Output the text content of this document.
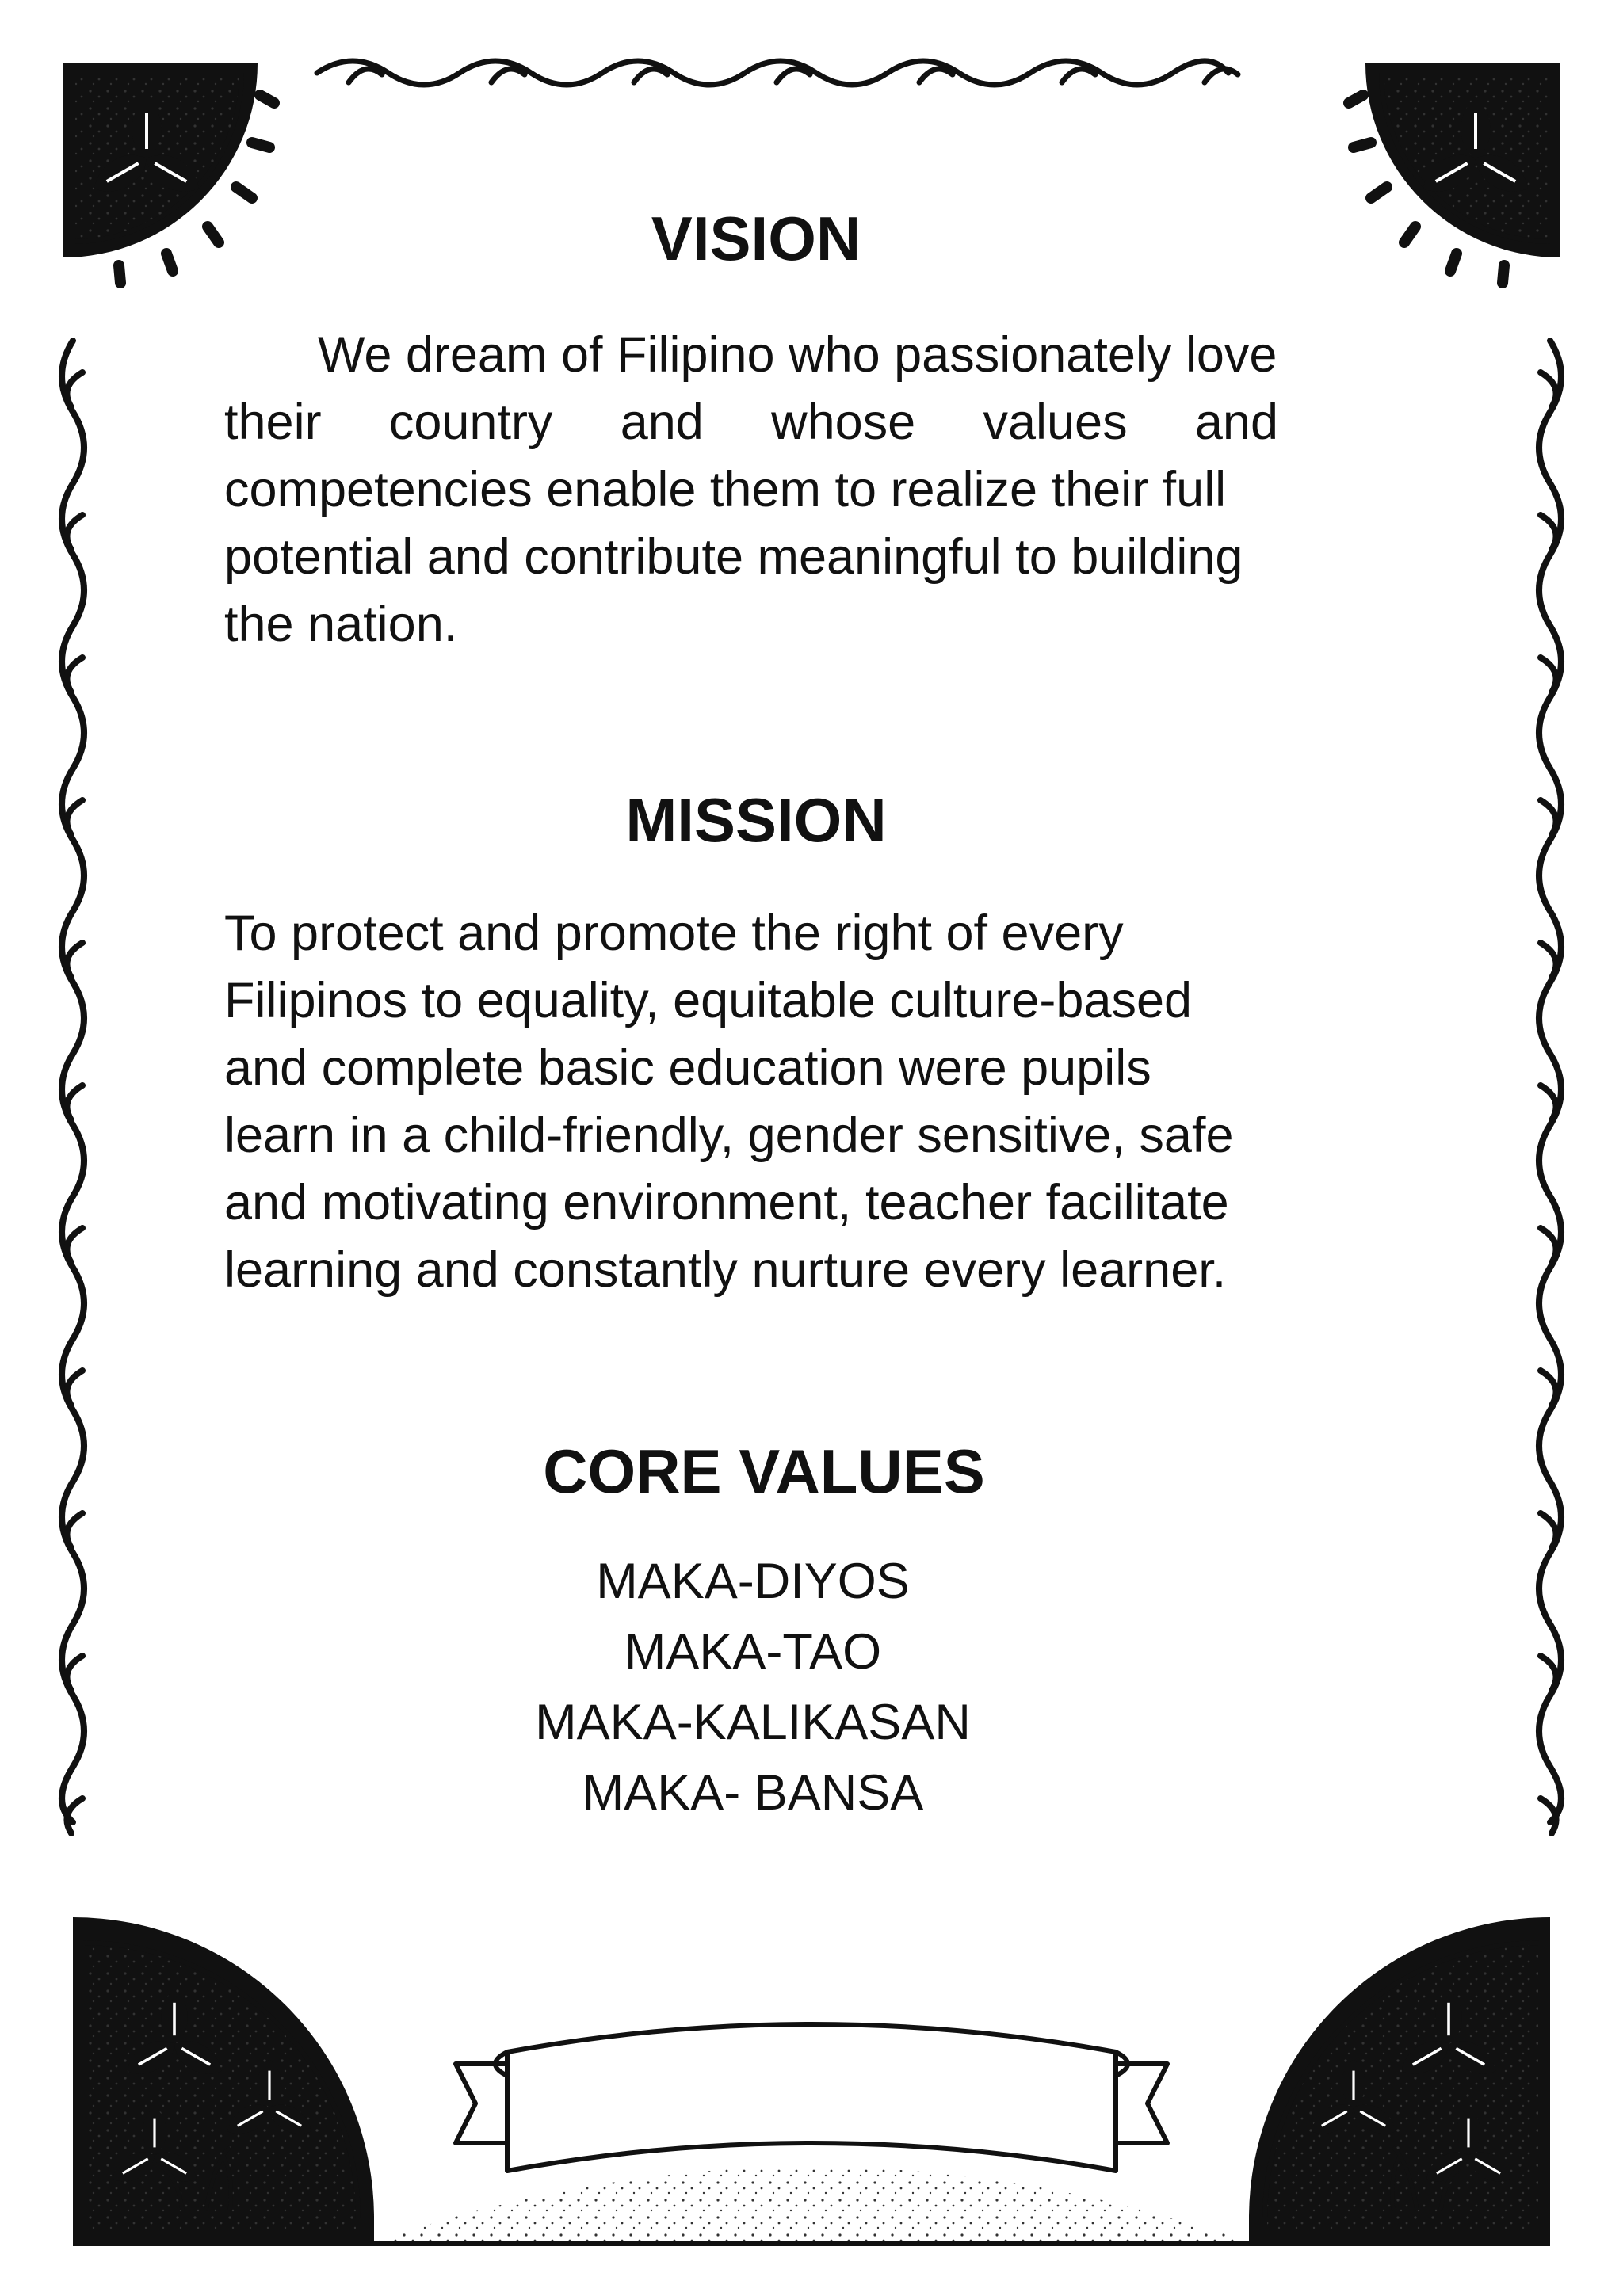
VISION
We dream of Filipino who passionately love
their country and whose values and
competencies enable them to realize their full
potential and contribute meaningful to building
the nation.
MISSION
To protect and promote the right of every
Filipinos to equality, equitable culture-based
and complete basic education were pupils
learn in a child-friendly, gender sensitive, safe
and motivating environment, teacher facilitate
learning and constantly nurture every learner.
CORE VALUES
MAKA-DIYOS
MAKA-TAO
MAKA-KALIKASAN
MAKA- BANSA
